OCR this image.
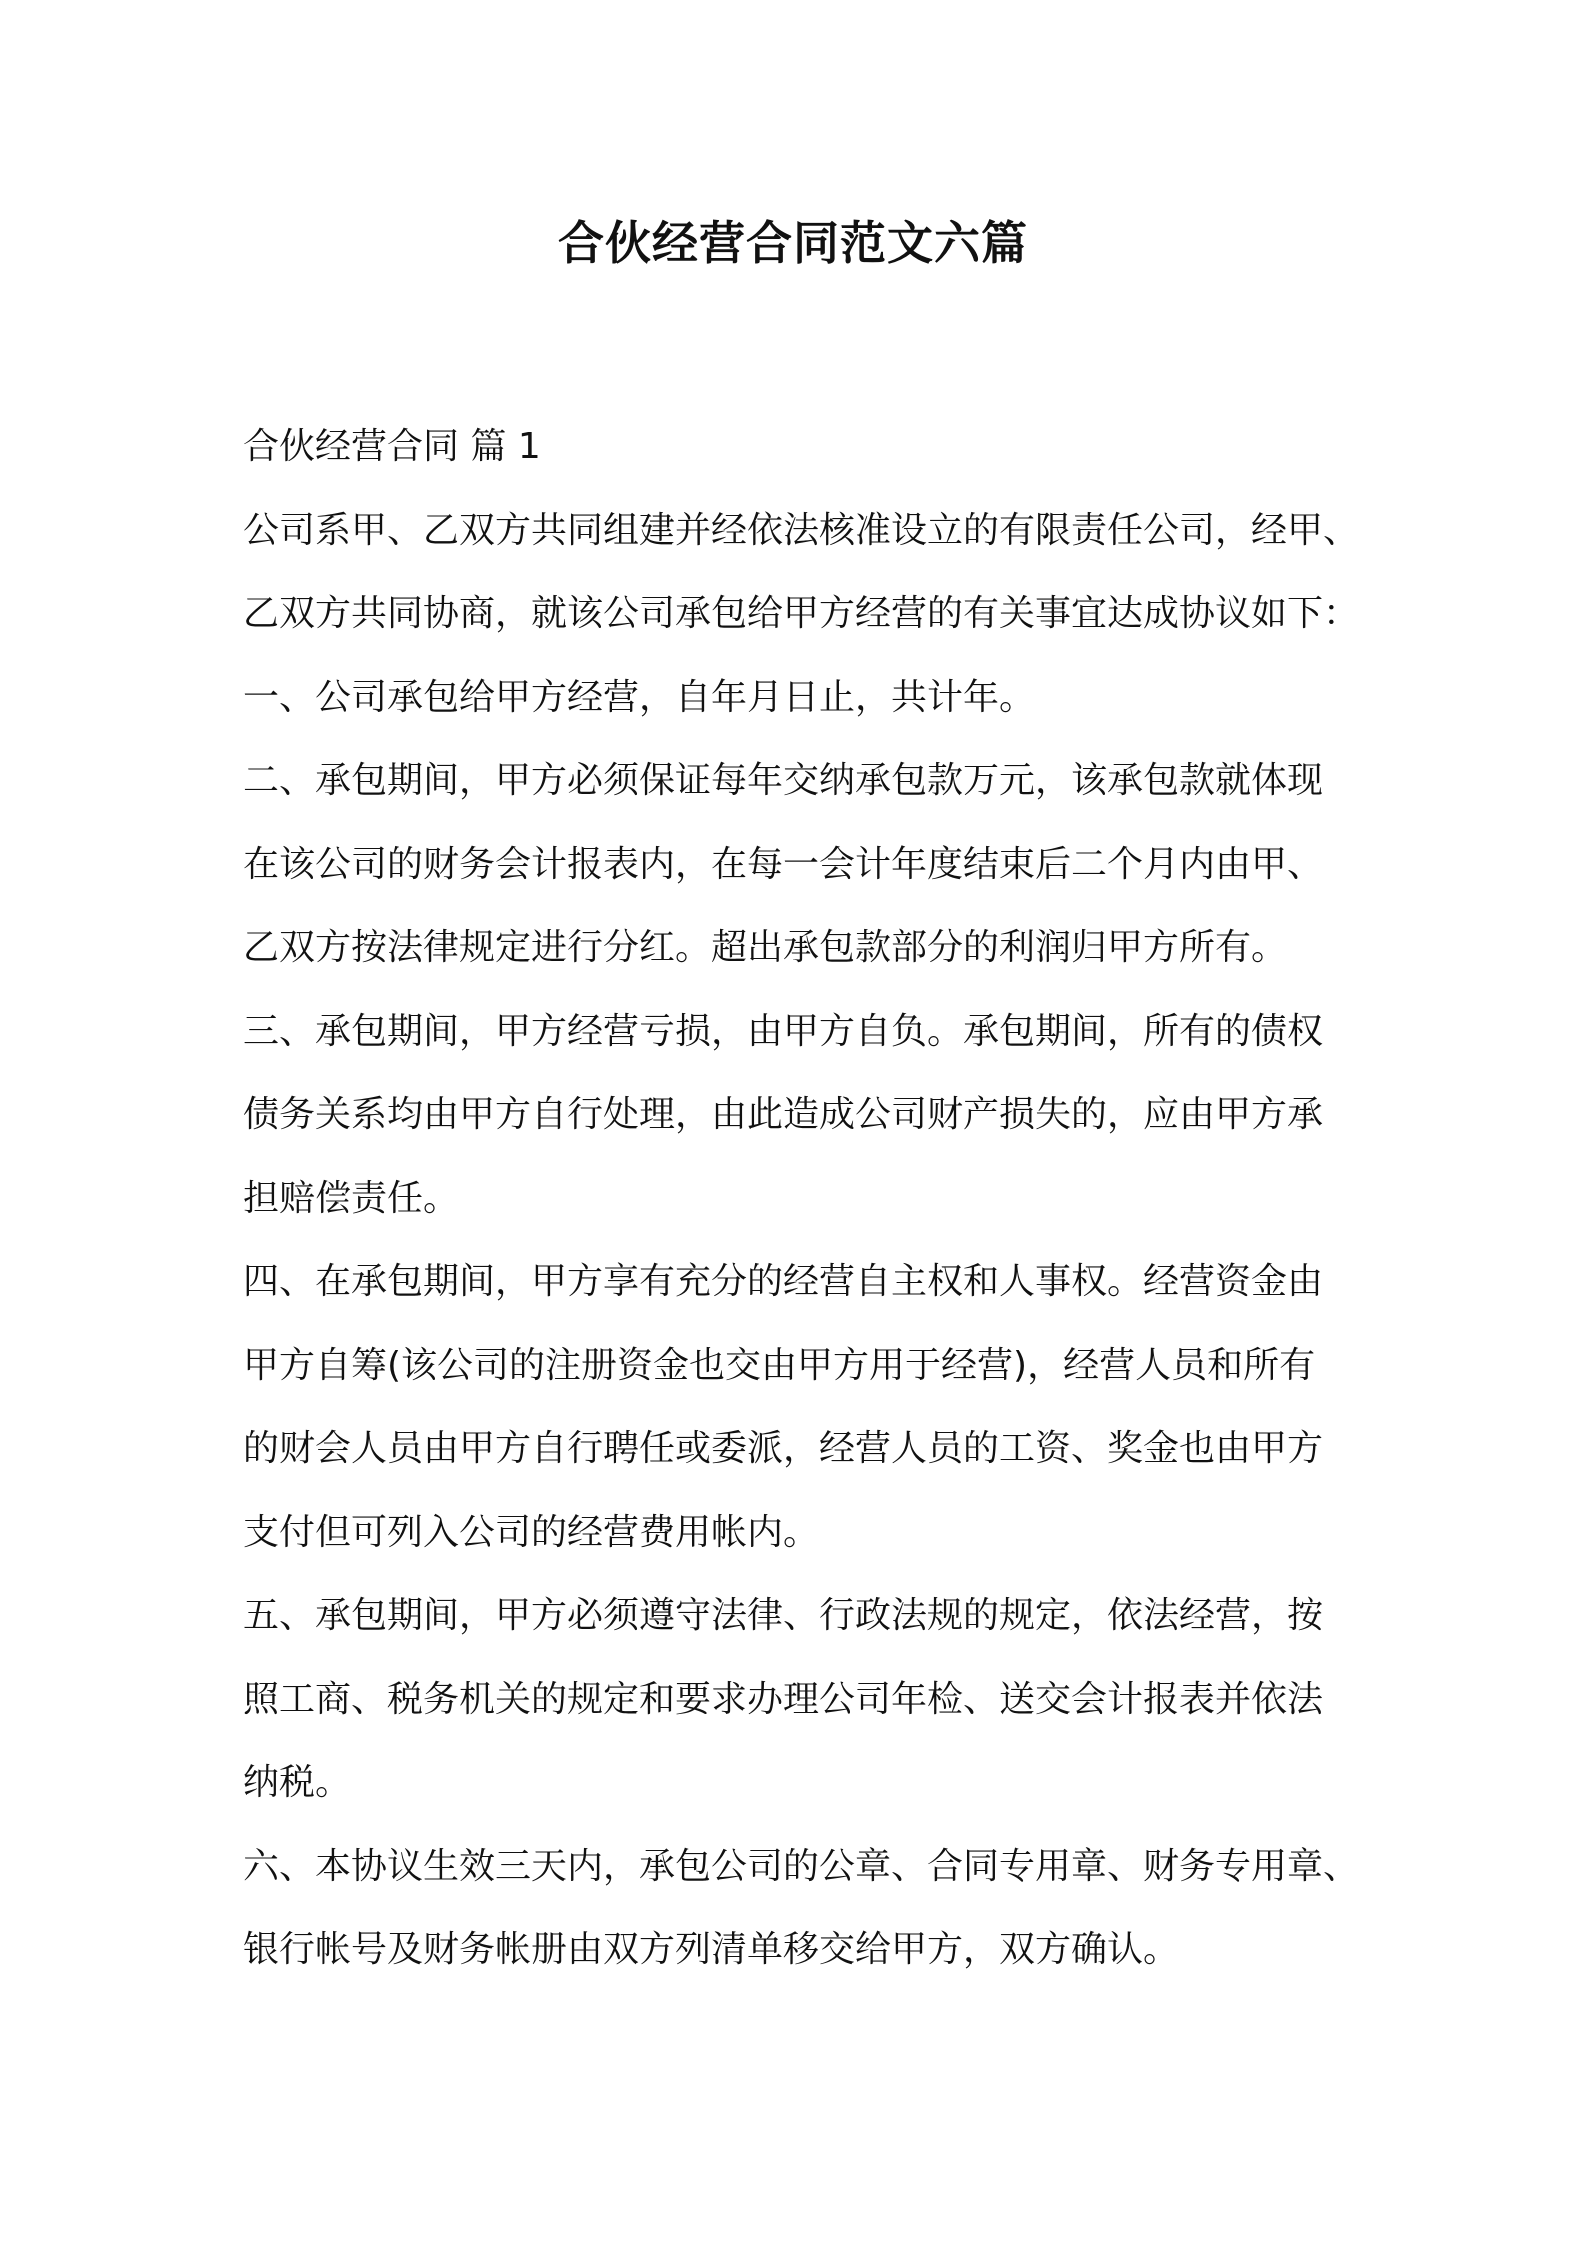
合伙经营合同范文六篇
合伙经营合同 篇 1
公司系甲、乙双方共同组建并经依法核准设立的有限责任公司，经甲、
乙双方共同协商，就该公司承包给甲方经营的有关事宜达成协议如下：
一、公司承包给甲方经营，自年月日止，共计年。
二、承包期间，甲方必须保证每年交纳承包款万元，该承包款就体现
在该公司的财务会计报表内，在每一会计年度结束后二个月内由甲、
乙双方按法律规定进行分红。超出承包款部分的利润归甲方所有。
三、承包期间，甲方经营亏损，由甲方自负。承包期间，所有的债权
债务关系均由甲方自行处理，由此造成公司财产损失的，应由甲方承
担赔偿责任。
四、在承包期间，甲方享有充分的经营自主权和人事权。经营资金由
甲方自筹(该公司的注册资金也交由甲方用于经营)，经营人员和所有
的财会人员由甲方自行聘任或委派，经营人员的工资、奖金也由甲方
支付但可列入公司的经营费用帐内。
五、承包期间，甲方必须遵守法律、行政法规的规定，依法经营，按
照工商、税务机关的规定和要求办理公司年检、送交会计报表并依法
纳税。
六、本协议生效三天内，承包公司的公章、合同专用章、财务专用章、
银行帐号及财务帐册由双方列清单移交给甲方，双方确认。
